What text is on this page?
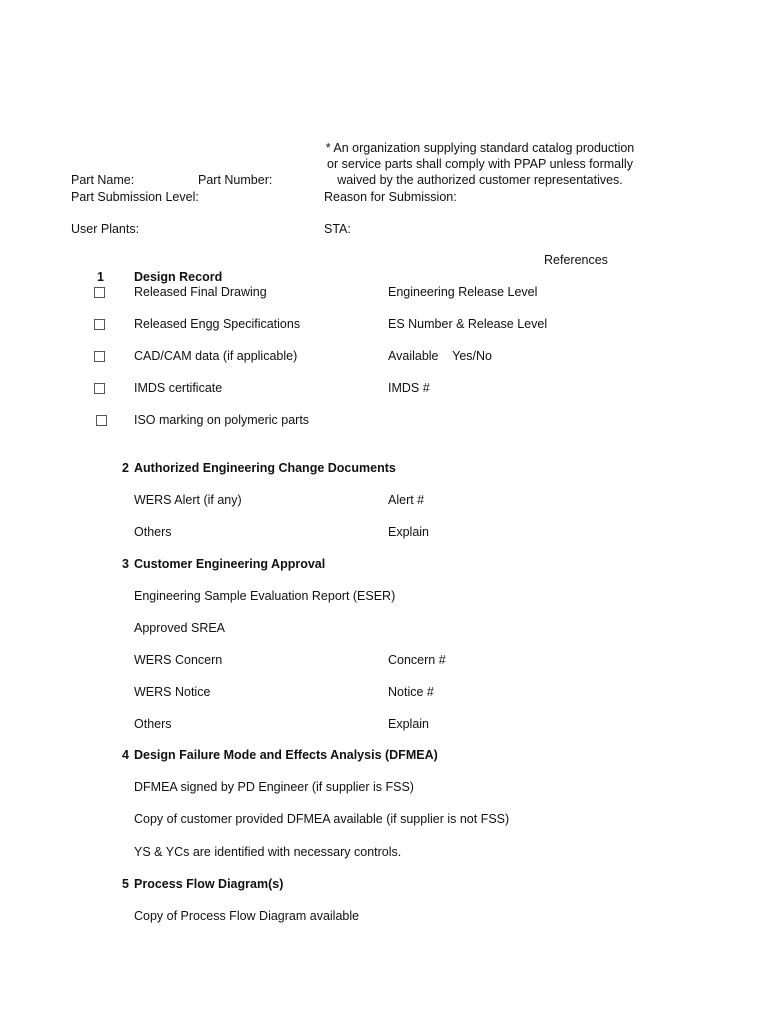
* An organization supplying standard catalog production
or service parts shall comply with PPAP unless formally
waived by the authorized customer representatives.
Part Name:	Part Number:
Part Submission Level:	Reason for Submission:
User Plants:	STA:
References
1 Design Record
Released Final Drawing	Engineering Release Level
Released Engg Specifications	ES Number & Release Level
CAD/CAM data (if applicable)	Available    Yes/No
IMDS certificate	IMDS #
ISO marking on polymeric parts
2 Authorized Engineering Change Documents
WERS Alert (if any)	Alert #
Others	Explain
3 Customer Engineering Approval
Engineering Sample Evaluation Report (ESER)
Approved SREA
WERS Concern	Concern #
WERS Notice	Notice #
Others	Explain
4 Design Failure Mode and Effects Analysis (DFMEA)
DFMEA signed by PD Engineer (if supplier is FSS)
Copy of customer provided DFMEA available (if supplier is not FSS)
YS & YCs are identified with necessary controls.
5 Process Flow Diagram(s)
Copy of Process Flow Diagram available
